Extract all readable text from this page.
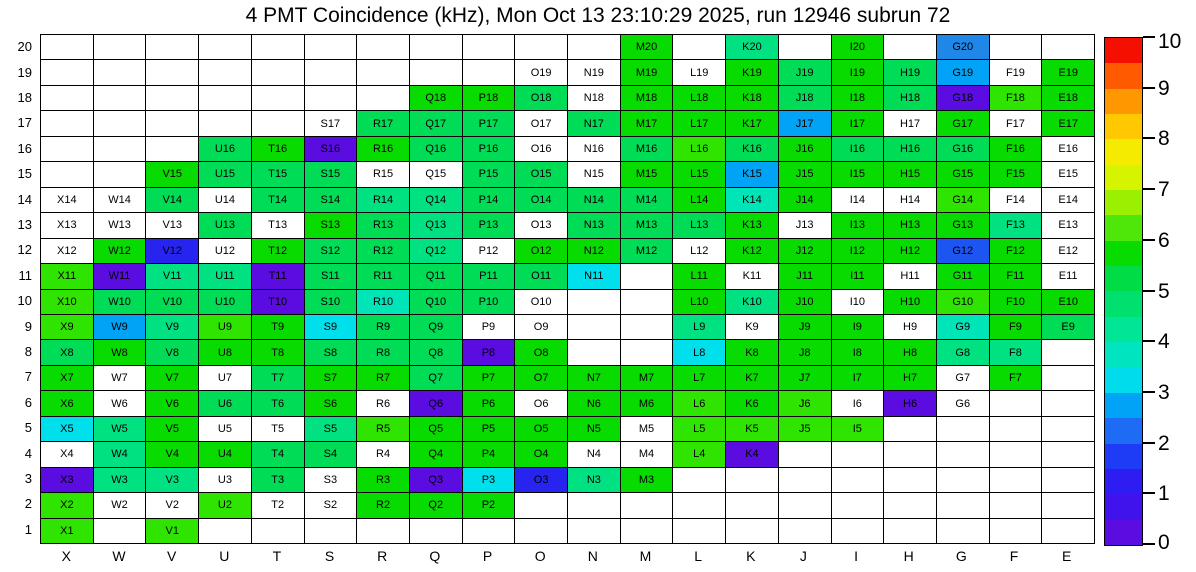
4 PMT Coincidence (kHz), Mon Oct 13 23:10:29 2025, run 12946 subrun 72
20
19
18
17
16
15
14
13
12
11
10
9
8
7
6
5
4
3
2
1
M20	K20	I20	G20
O19	N19	M19	L19	K19	J19	I19	H19	G19	F19	E19
Q18	P18	O18	N18	M18	L18	K18	J18	I18	H18	G18	F18	E18
S17	R17	Q17	P17	O17	N17	M17	L17	K17	J17	I17	H17	G17	F17	E17
U16	T16	S16	R16	Q16	P16	O16	N16	M16	L16	K16	J16	I16	H16	G16	F16	E16
V15	U15	T15	S15	R15	Q15	P15	O15	N15	M15	L15	K15	J15	I15	H15	G15	F15	E15
X14	W14	V14	U14	T14	S14	R14	Q14	P14	O14	N14	M14	L14	K14	J14	I14	H14	G14	F14	E14
X13	W13	V13	U13	T13	S13	R13	Q13	P13	O13	N13	M13	L13	K13	J13	I13	H13	G13	F13	E13
X12	W12	V12	U12	T12	S12	R12	Q12	P12	O12	N12	M12	L12	K12	J12	I12	H12	G12	F12	E12
X11	W11	V11	U11	T11	S11	R11	Q11	P11	O11	N11	L11	K11	J11	I11	H11	G11	F11	E11
X10	W10	V10	U10	T10	S10	R10	Q10	P10	O10	L10	K10	J10	I10	H10	G10	F10	E10
X9	W9	V9	U9	T9	S9	R9	Q9	P9	O9	L9	K9	J9	I9	H9	G9	F9	E9
X8	W8	V8	U8	T8	S8	R8	Q8	P8	O8	L8	K8	J8	I8	H8	G8	F8
X7	W7	V7	U7	T7	S7	R7	Q7	P7	O7	N7	M7	L7	K7	J7	I7	H7	G7	F7
X6	W6	V6	U6	T6	S6	R6	Q6	P6	O6	N6	M6	L6	K6	J6	I6	H6	G6
X5	W5	V5	U5	T5	S5	R5	Q5	P5	O5	N5	M5	L5	K5	J5	I5
X4	W4	V4	U4	T4	S4	R4	Q4	P4	O4	N4	M4	L4	K4
X3	W3	V3	U3	T3	S3	R3	Q3	P3	O3	N3	M3
X2	W2	V2	U2	T2	S2	R2	Q2	P2
X1	V1
X	W	V	U	T	S	R	Q	P	O	N	M	L	K	J	I	H	G	F	E
0
1
2
3
4
5
6
7
8
9
10
